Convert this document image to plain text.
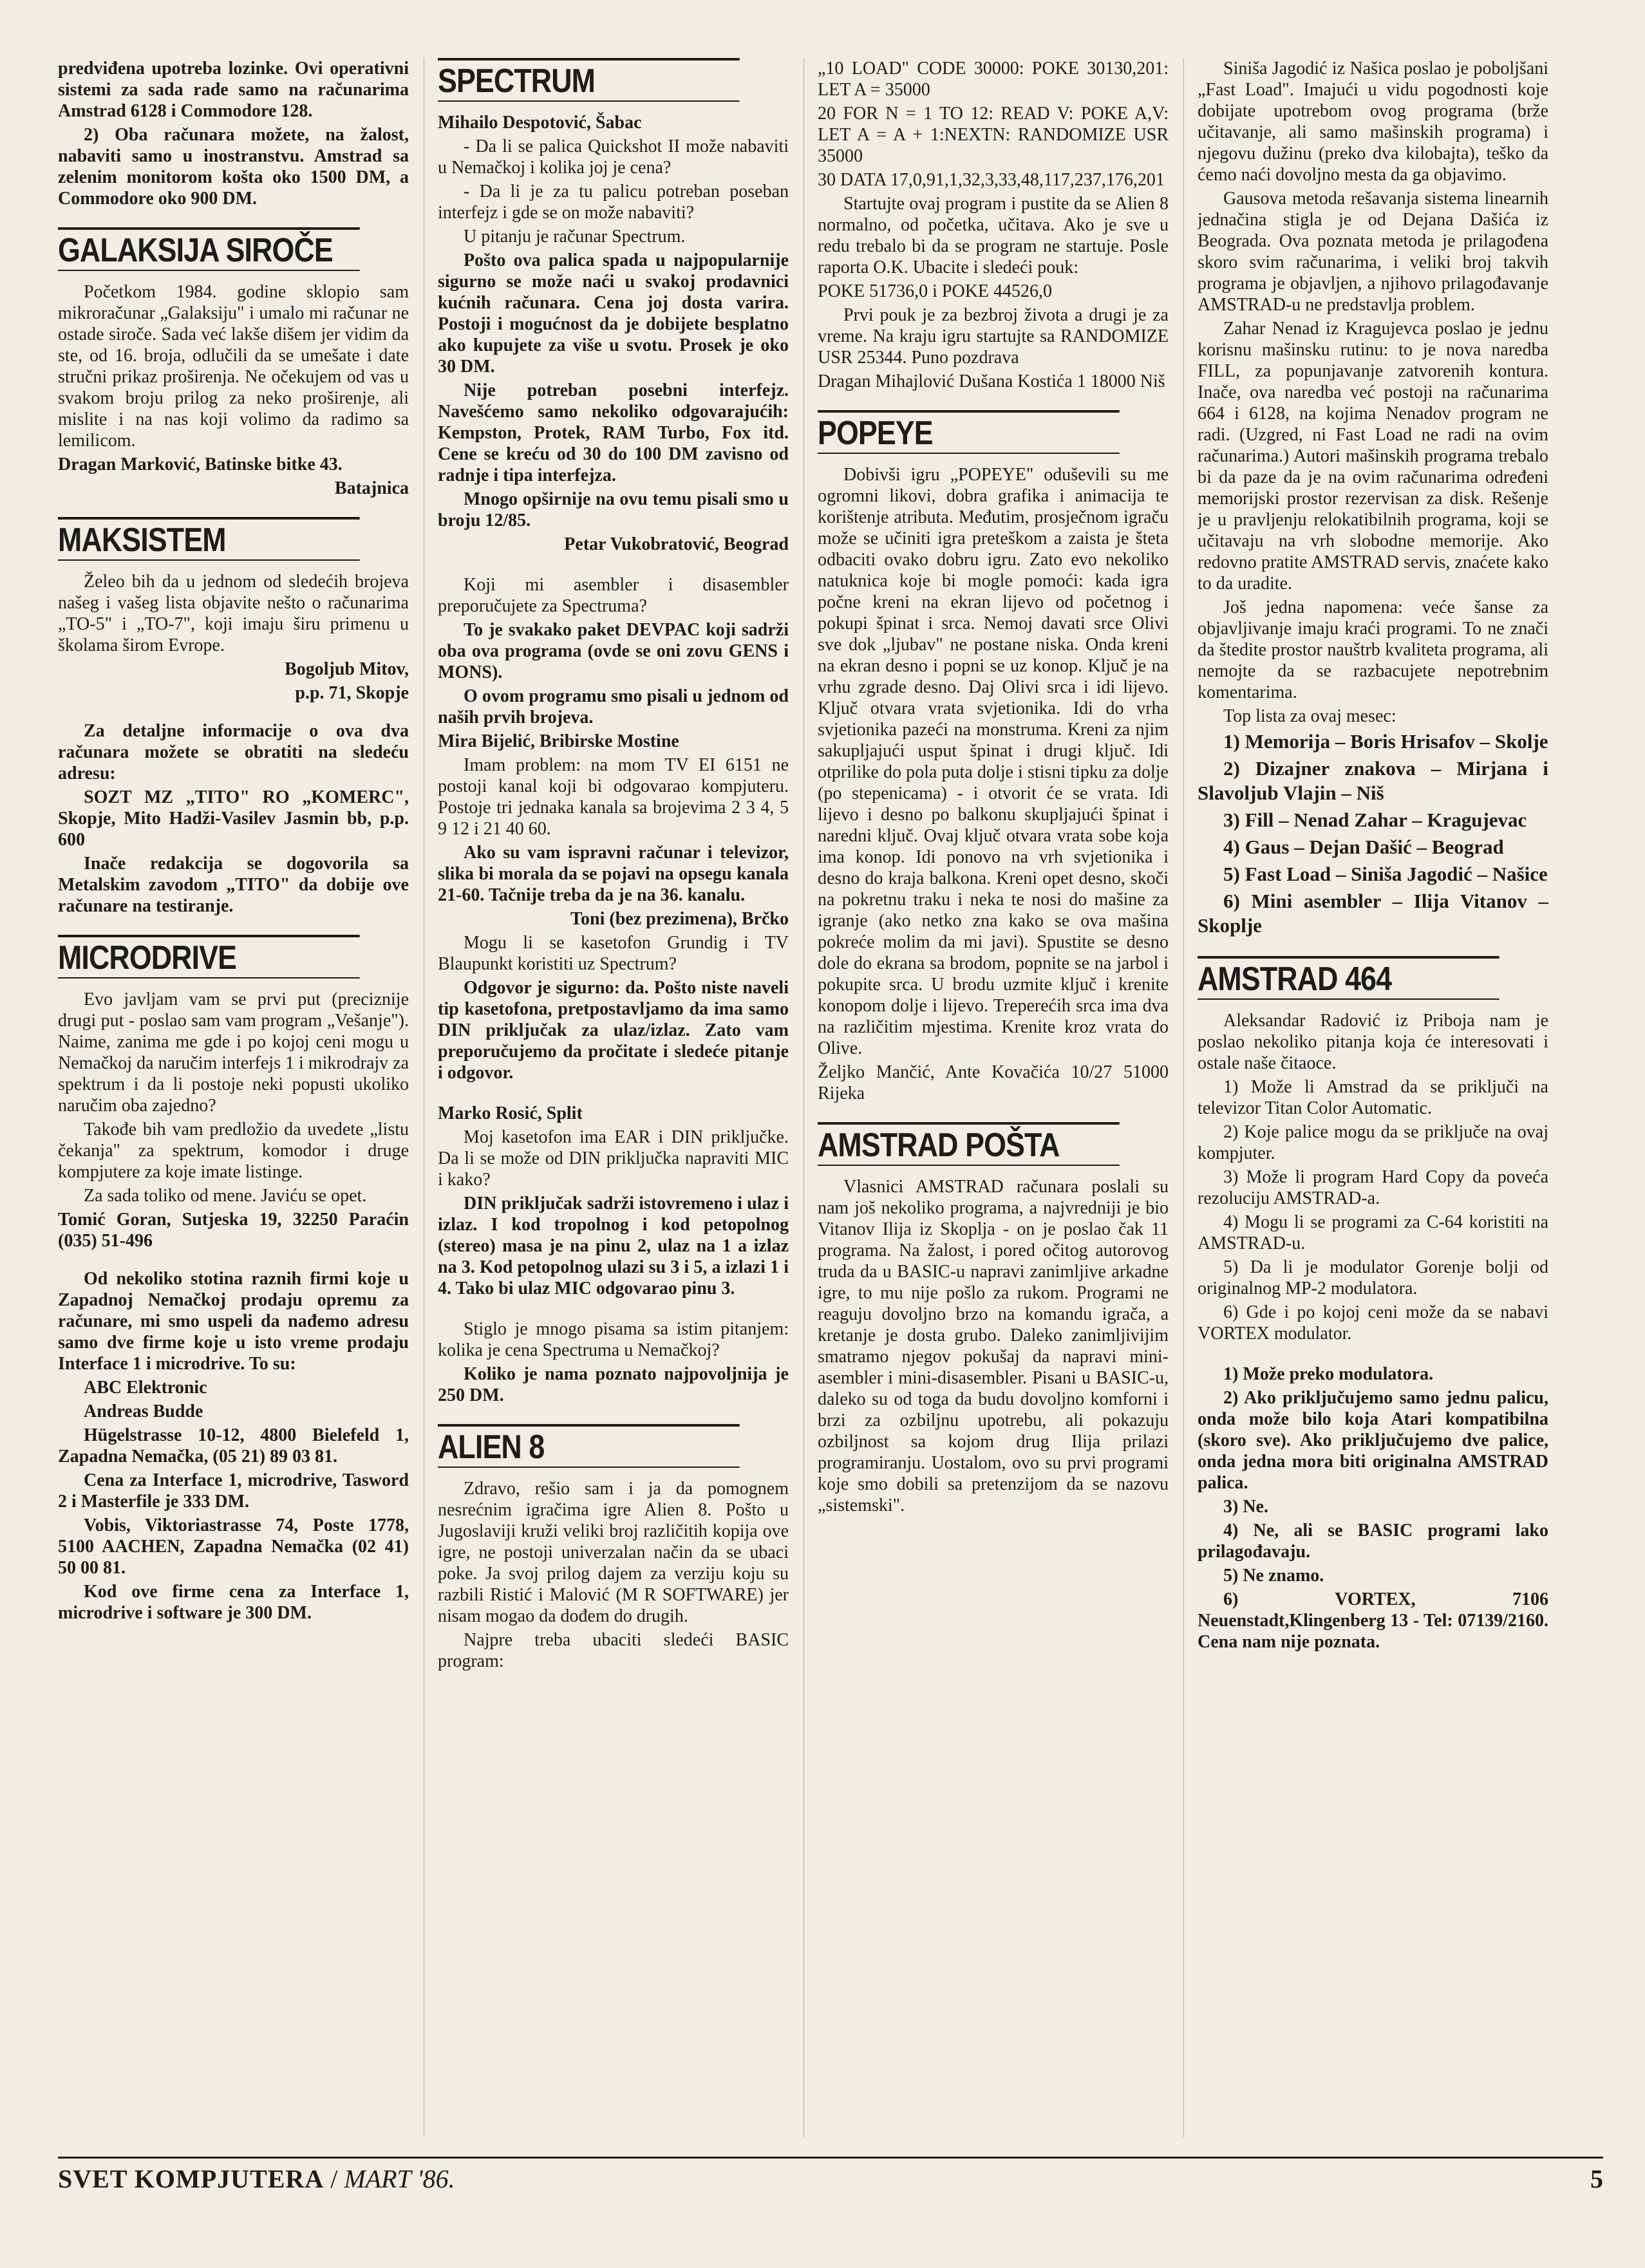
predviđena upotreba lozinke. Ovi operativni sistemi za sada rade samo na računarima Amstrad 6128 i Commodore 128.

2) Oba računara možete, na žalost, nabaviti samo u inostranstvu. Amstrad sa zelenim monitorom košta oko 1500 DM, a Commodore oko 900 DM.

GALAKSIJA SIROČE

Početkom 1984. godine sklopio sam mikroračunar „Galaksiju" i umalo mi računar ne ostade siroče. Sada već lakše dišem jer vidim da ste, od 16. broja, odlučili da se umešate i date stručni prikaz proširenja. Ne očekujem od vas u svakom broju prilog za neko proširenje, ali mislite i na nas koji volimo da radimo sa lemilicom.

Dragan Marković, Batinske bitke 43.

Batajnica

MAKSISTEM

Želeo bih da u jednom od sledećih brojeva našeg i vašeg lista objavite nešto o računarima „TO-5" i „TO-7", koji imaju širu primenu u školama širom Evrope.

Bogoljub Mitov,

p.p. 71, Skopje

Za detaljne informacije o ova dva računara možete se obratiti na sledeću adresu:

SOZT MZ „TITO" RO „KOMERC", Skopje, Mito Hadži-Vasilev Jasmin bb, p.p. 600

Inače redakcija se dogovorila sa Metalskim zavodom „TITO" da dobije ove računare na testiranje.

MICRODRIVE

Evo javljam vam se prvi put (preciznije drugi put - poslao sam vam program „Vešanje"). Naime, zanima me gde i po kojoj ceni mogu u Nemačkoj da naručim interfejs 1 i mikrodrajv za spektrum i da li postoje neki popusti ukoliko naručim oba zajedno?

Takođe bih vam predložio da uvedete „listu čekanja" za spektrum, komodor i druge kompjutere za koje imate listinge.

Za sada toliko od mene. Javiću se opet.

Tomić Goran, Sutjeska 19, 32250 Paraćin (035) 51-496

Od nekoliko stotina raznih firmi koje u Zapadnoj Nemačkoj prodaju opremu za računare, mi smo uspeli da nađemo adresu samo dve firme koje u isto vreme prodaju Interface 1 i microdrive. To su:

ABC Elektronic

Andreas Budde

Hügelstrasse 10-12, 4800 Bielefeld 1, Zapadna Nemačka, (05 21) 89 03 81.

Cena za Interface 1, microdrive, Tasword 2 i Masterfile je 333 DM.

Vobis, Viktoriastrasse 74, Poste 1778, 5100 AACHEN, Zapadna Nemačka (02 41) 50 00 81.

Kod ove firme cena za Interface 1, microdrive i software je 300 DM.

SPECTRUM

Mihailo Despotović, Šabac

- Da li se palica Quickshot II može nabaviti u Nemačkoj i kolika joj je cena?

- Da li je za tu palicu potreban poseban interfejz i gde se on može nabaviti?

U pitanju je računar Spectrum.

Pošto ova palica spada u najpopularnije sigurno se može naći u svakoj prodavnici kućnih računara. Cena joj dosta varira. Postoji i mogućnost da je dobijete besplatno ako kupujete za više u svotu. Prosek je oko 30 DM.

Nije potreban posebni interfejz. Navešćemo samo nekoliko odgovarajućih: Kempston, Protek, RAM Turbo, Fox itd. Cene se kreću od 30 do 100 DM zavisno od radnje i tipa interfejza.

Mnogo opširnije na ovu temu pisali smo u broju 12/85.

Petar Vukobratović, Beograd

Koji mi asembler i disasembler preporučujete za Spectruma?

To je svakako paket DEVPAC koji sadrži oba ova programa (ovde se oni zovu GENS i MONS).

O ovom programu smo pisali u jednom od naših prvih brojeva.

Mira Bijelić, Bribirske Mostine

Imam problem: na mom TV EI 6151 ne postoji kanal koji bi odgovarao kompjuteru. Postoje tri jednaka kanala sa brojevima 2 3 4, 5 9 12 i 21 40 60.

Ako su vam ispravni računar i televizor, slika bi morala da se pojavi na opsegu kanala 21-60. Tačnije treba da je na 36. kanalu.

Toni (bez prezimena), Brčko

Mogu li se kasetofon Grundig i TV Blaupunkt koristiti uz Spectrum?

Odgovor je sigurno: da. Pošto niste naveli tip kasetofona, pretpostavljamo da ima samo DIN priključak za ulaz/izlaz. Zato vam preporučujemo da pročitate i sledeće pitanje i odgovor.

Marko Rosić, Split

Moj kasetofon ima EAR i DIN priključke. Da li se može od DIN priključka napraviti MIC i kako?

DIN priključak sadrži istovremeno i ulaz i izlaz. I kod tropolnog i kod petopolnog (stereo) masa je na pinu 2, ulaz na 1 a izlaz na 3. Kod petopolnog ulazi su 3 i 5, a izlazi 1 i 4. Tako bi ulaz MIC odgovarao pinu 3.

Stiglo je mnogo pisama sa istim pitanjem: kolika je cena Spectruma u Nemačkoj?

Koliko je nama poznato najpovoljnija je 250 DM.

ALIEN 8

Zdravo, rešio sam i ja da pomognem nesrećnim igračima igre Alien 8. Pošto u Jugoslaviji kruži veliki broj različitih kopija ove igre, ne postoji univerzalan način da se ubaci poke. Ja svoj prilog dajem za verziju koju su razbili Ristić i Malović (M R SOFTWARE) jer nisam mogao da dođem do drugih.

Najpre treba ubaciti sledeći BASIC program:

„10 LOAD" CODE 30000: POKE 30130,201: LET A = 35000

20 FOR N = 1 TO 12: READ V: POKE A,V: LET A = A + 1:NEXTN: RANDOMIZE USR 35000

30 DATA 17,0,91,1,32,3,33,48,117,237,176,201

Startujte ovaj program i pustite da se Alien 8 normalno, od početka, učitava. Ako je sve u redu trebalo bi da se program ne startuje. Posle raporta O.K. Ubacite i sledeći pouk:

POKE 51736,0 i POKE 44526,0

Prvi pouk je za bezbroj života a drugi je za vreme. Na kraju igru startujte sa RANDOMIZE USR 25344. Puno pozdrava

Dragan Mihajlović Dušana Kostića 1 18000 Niš

POPEYE

Dobivši igru „POPEYE" oduševili su me ogromni likovi, dobra grafika i animacija te korištenje atributa. Međutim, prosječnom igraču može se učiniti igra preteškom a zaista je šteta odbaciti ovako dobru igru. Zato evo nekoliko natuknica koje bi mogle pomoći: kada igra počne kreni na ekran lijevo od početnog i pokupi špinat i srca. Nemoj davati srce Olivi sve dok „ljubav" ne postane niska. Onda kreni na ekran desno i popni se uz konop. Ključ je na vrhu zgrade desno. Daj Olivi srca i idi lijevo. Ključ otvara vrata svjetionika. Idi do vrha svjetionika pazeći na monstruma. Kreni za njim sakupljajući usput špinat i drugi ključ. Idi otprilike do pola puta dolje i stisni tipku za dolje (po stepenicama) - i otvorit će se vrata. Idi lijevo i desno po balkonu skupljajući špinat i naredni ključ. Ovaj ključ otvara vrata sobe koja ima konop. Idi ponovo na vrh svjetionika i desno do kraja balkona. Kreni opet desno, skoči na pokretnu traku i neka te nosi do mašine za igranje (ako netko zna kako se ova mašina pokreće molim da mi javi). Spustite se desno dole do ekrana sa brodom, popnite se na jarbol i pokupite srca. U brodu uzmite ključ i krenite konopom dolje i lijevo. Treperećih srca ima dva na različitim mjestima. Krenite kroz vrata do Olive.

Željko Mančić, Ante Kovačića 10/27 51000 Rijeka

AMSTRAD POŠTA

Vlasnici AMSTRAD računara poslali su nam još nekoliko programa, a najvredniji je bio Vitanov Ilija iz Skoplja - on je poslao čak 11 programa. Na žalost, i pored očitog autorovog truda da u BASIC-u napravi zanimljive arkadne igre, to mu nije pošlo za rukom. Programi ne reaguju dovoljno brzo na komandu igrača, a kretanje je dosta grubo. Daleko zanimljivijim smatramo njegov pokušaj da napravi mini-asembler i mini-disasembler. Pisani u BASIC-u, daleko su od toga da budu dovoljno komforni i brzi za ozbiljnu upotrebu, ali pokazuju ozbiljnost sa kojom drug Ilija prilazi programiranju. Uostalom, ovo su prvi programi koje smo dobili sa pretenzijom da se nazovu „sistemski".

Siniša Jagodić iz Našica poslao je poboljšani „Fast Load". Imajući u vidu pogodnosti koje dobijate upotrebom ovog programa (brže učitavanje, ali samo mašinskih programa) i njegovu dužinu (preko dva kilobajta), teško da ćemo naći dovoljno mesta da ga objavimo.

Gausova metoda rešavanja sistema linearnih jednačina stigla je od Dejana Dašića iz Beograda. Ova poznata metoda je prilagođena skoro svim računarima, i veliki broj takvih programa je objavljen, a njihovo prilagođavanje AMSTRAD-u ne predstavlja problem.

Zahar Nenad iz Kragujevca poslao je jednu korisnu mašinsku rutinu: to je nova naredba FILL, za popunjavanje zatvorenih kontura. Inače, ova naredba već postoji na računarima 664 i 6128, na kojima Nenadov program ne radi. (Uzgred, ni Fast Load ne radi na ovim računarima.) Autori mašinskih programa trebalo bi da paze da je na ovim računarima određeni memorijski prostor rezervisan za disk. Rešenje je u pravljenju relokatibilnih programa, koji se učitavaju na vrh slobodne memorije. Ako redovno pratite AMSTRAD servis, znaćete kako to da uradite.

Još jedna napomena: veće šanse za objavljivanje imaju kraći programi. To ne znači da štedite prostor nauštrb kvaliteta programa, ali nemojte da se razbacujete nepotrebnim komentarima.

Top lista za ovaj mesec:

1) Memorija – Boris Hrisafov – Skolje

2) Dizajner znakova – Mirjana i Slavoljub Vlajin – Niš

3) Fill – Nenad Zahar – Kragujevac

4) Gaus – Dejan Dašić – Beograd

5) Fast Load – Siniša Jagodić – Našice

6) Mini asembler – Ilija Vitanov – Skoplje

AMSTRAD 464

Aleksandar Radović iz Priboja nam je poslao nekoliko pitanja koja će interesovati i ostale naše čitaoce.

1) Može li Amstrad da se priključi na televizor Titan Color Automatic.

2) Koje palice mogu da se priključe na ovaj kompjuter.

3) Može li program Hard Copy da poveća rezoluciju AMSTRAD-a.

4) Mogu li se programi za C-64 koristiti na AMSTRAD-u.

5) Da li je modulator Gorenje bolji od originalnog MP-2 modulatora.

6) Gde i po kojoj ceni može da se nabavi VORTEX modulator.

1) Može preko modulatora.

2) Ako priključujemo samo jednu palicu, onda može bilo koja Atari kompatibilna (skoro sve). Ako priključujemo dve palice, onda jedna mora biti originalna AMSTRAD palica.

3) Ne.

4) Ne, ali se BASIC programi lako prilagođavaju.

5) Ne znamo.

6) VORTEX, 7106 Neuenstadt,Klingenberg 13 - Tel: 07139/2160. Cena nam nije poznata.

SVET KOMPJUTERA / MART '86.	5
